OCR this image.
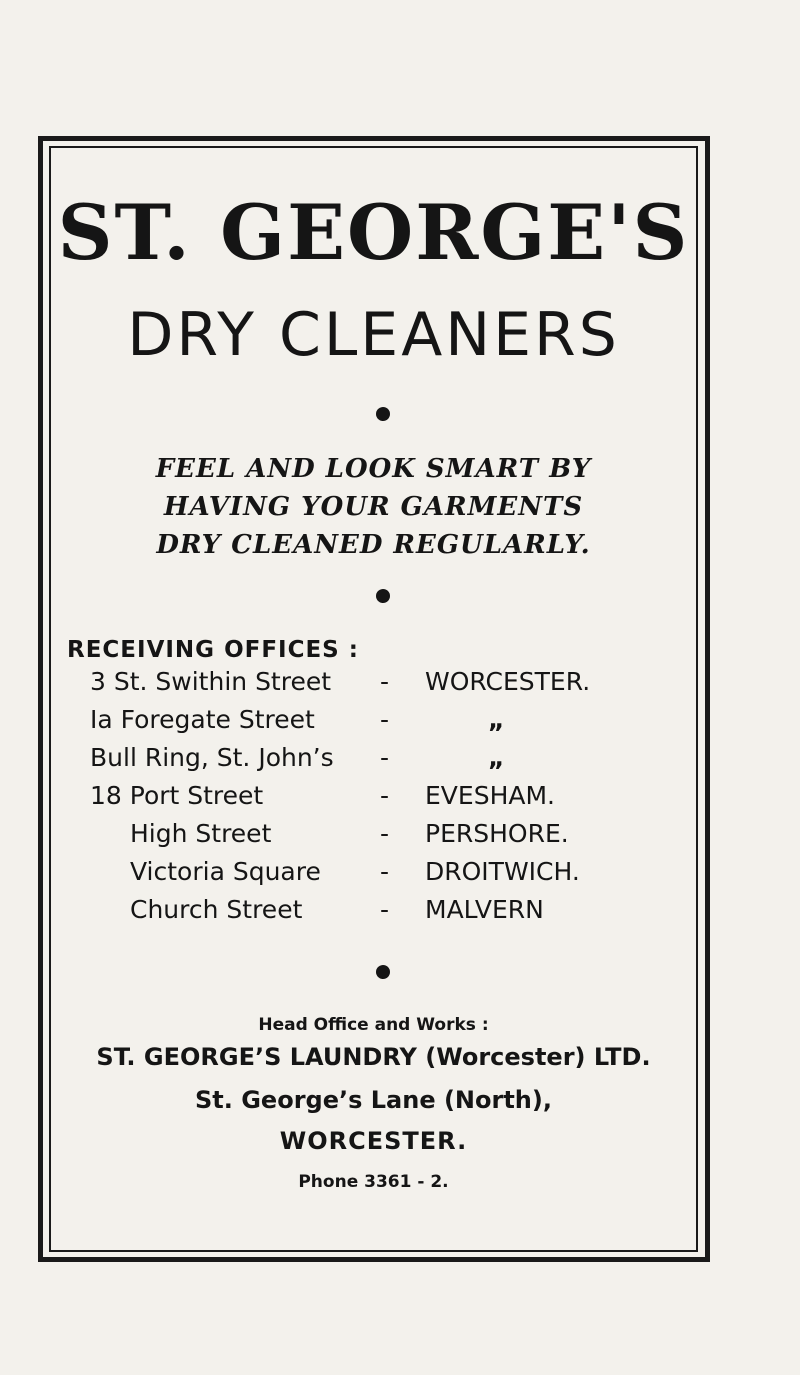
ST. GEORGE'S
DRY CLEANERS
FEEL AND LOOK SMART BY
HAVING YOUR GARMENTS
DRY CLEANED REGULARLY.
RECEIVING OFFICES :
3 St. Swithin Street - WORCESTER.
Ia Foregate Street	-	„
Bull Ring, St. John’s -	„
18 Port Street	- EVESHAM.
High Street	- PERSHORE.
Victoria Square - DROITWICH.
Church Street	- MALVERN
Head Office and Works :
ST. GEORGE’S LAUNDRY (Worcester) LTD.
St. George’s Lane (North),
WORCESTER.
Phone 3361 - 2.
